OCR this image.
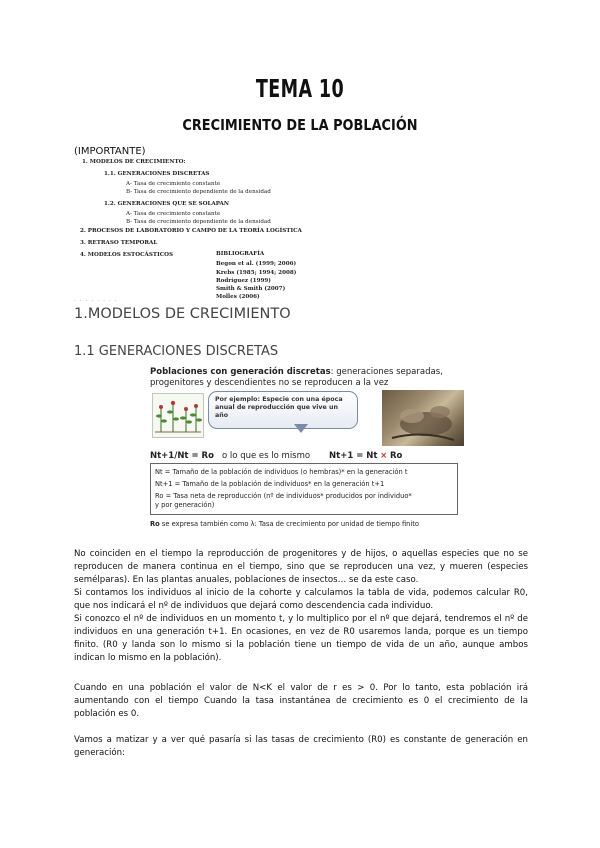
TEMA 10
CRECIMIENTO DE LA POBLACIÓN
(IMPORTANTE)
1. MODELOS DE CRECIMIENTO:
1.1. GENERACIONES DISCRETAS
A- Tasa de crecimiento constante
B- Tasa de crecimiento dependiente de la densidad
1.2. GENERACIONES QUE SE SOLAPAN
A- Tasa de crecimiento constante
B- Tasa de crecimiento dependiente de la densidad
2. PROCESOS DE LABORATORIO Y CAMPO DE LA TEORÍA LOGÍSTICA
3. RETRASO TEMPORAL
4. MODELOS ESTOCÁSTICOS	BIBLIOGRAFÍA
Begon et al. (1999; 2006)
Krebs (1985; 1994; 2008)
Rodríguez (1999)
Smith & Smith (2007)
Molles (2006)
· · · · · · · ·
1.MODELOS DE CRECIMIENTO
1.1 GENERACIONES DISCRETAS
Poblaciones con generación discretas: generaciones separadas,
progenitores y descendientes no se reproducen a la vez
Por ejemplo: Especie con una época anual de reproducción que vive un año
Nt+1/Nt = Ro o lo que es lo mismo Nt+1 = Nt × Ro
Nt = Tamaño de la población de individuos (o hembras)* en la generación t
Nt+1 = Tamaño de la población de individuos* en la generación t+1
Ro = Tasa neta de reproducción (nº de individuos* producidos por individuo*
y por generación)
Ro se expresa también como λ: Tasa de crecimiento por unidad de tiempo finito

No coinciden en el tiempo la reproducción de progenitores y de hijos, o aquellas especies que no se reproducen de manera continua en el tiempo, sino que se reproducen una vez, y mueren (especies semélparas). En las plantas anuales, poblaciones de insectos… se da este caso.

Si contamos los individuos al inicio de la cohorte y calculamos la tabla de vida, podemos calcular R0, que nos indicará el nº de individuos que dejará como descendencia cada individuo.

Si conozco el nº de individuos en un momento t, y lo multiplico por el nº que dejará, tendremos el nº de individuos en una generación t+1. En ocasiones, en vez de R0 usaremos landa, porque es un tiempo finito. (R0 y landa son lo mismo si la población tiene un tiempo de vida de un año, aunque ambos indican lo mismo en la población).

Cuando en una población el valor de N<K el valor de r es > 0. Por lo tanto, esta población irá aumentando con el tiempo Cuando la tasa instantánea de crecimiento es 0 el crecimiento de la población es 0.

Vamos a matizar y a ver qué pasaría si las tasas de crecimiento (R0) es constante de generación en generación:
